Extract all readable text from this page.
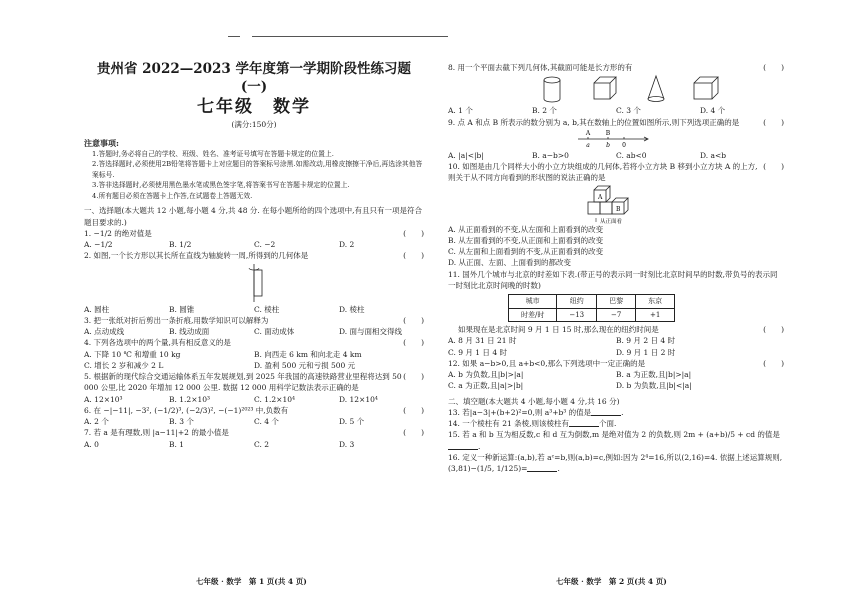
贵州省 2022—2023 学年度第一学期阶段性练习题(一)
七年级　数学
(满分:150分)
注意事项:
1.答题时,务必将自己的学校、班级、姓名、准考证号填写在答题卡规定的位置上.
2.答选择题时,必须使用2B铅笔将答题卡上对应题目的答案标号涂黑.如需改动,用橡皮擦擦干净后,再选涂其他答案标号.
3.答非选择题时,必须使用黑色墨水笔或黑色签字笔,将答案书写在答题卡规定的位置上.
4.所有题目必须在答题卡上作答,在试题卷上答题无效.
一、选择题(本大题共 12 小题,每小题 4 分,共 48 分. 在每小题所给的四个选项中,有且只有一项是符合题目要求的.)
1. −1/2 的绝对值是	(　　)
A. −1/2	B. 1/2	C. −2	D. 2
2. 如图,一个长方形以其长所在直线为轴旋转一周,所得到的几何体是	(　　)
A. 圆柱	B. 圆锥	C. 棱柱	D. 棱柱
3. 把一张纸对折后剪出一条折痕,用数学知识可以解释为	(　　)
A. 点动成线	B. 线动成面	C. 面动成体	D. 面与面相交得线
4. 下列各选项中的两个量,具有相反意义的是	(　　)
A. 下降 10 ℃ 和增重 10 kg	B. 向西走 6 km 和向北走 4 km
C. 增长 2 岁和减少 2 L	D. 盈利 500 元和亏损 500 元
5. 根据新的现代综合交通运输体系五年发展规划,到 2025 年我国的高速铁路营业里程将达到 50 000 公里,比 2020 年增加 12 000 公里. 数据 12 000 用科学记数法表示正确的是
(　　)
A. 12×10³	B. 1.2×10³	C. 1.2×10⁴	D. 12×10⁴
6. 在 −|−11|, −3², (−1/2)³, (−2/3)², −(−1)²⁰²³ 中,负数有	(　　)
A. 2 个	B. 3 个	C. 4 个	D. 5 个
7. 若 a 是有理数,则 |a−11|+2 的最小值是	(　　)
A. 0	B. 1	C. 2	D. 3
七年级 · 数学　第 1 页(共 4 页)
8. 用一个平面去截下列几何体,其截面可能是长方形的有	(　　)
A. 1 个	B. 2 个	C. 3 个	D. 4 个
9. 点 A 和点 B 所表示的数分别为 a, b,其在数轴上的位置如图所示,则下列选项正确的是	(　　)
A	B
a	b 0
A. |a|<|b|	B. a−b>0	C. ab<0	D. a<b
10. 如图是由几个同样大小的小立方块组成的几何体,若将小立方块 B 移到小立方块 A 的上方,则关于从不同方向看到的形状图的说法正确的是
(　　)
A
B
从正面看
A. 从正面看到的不变,从左面和上面看到的改变
B. 从左面看到的不变,从正面和上面看到的改变
C. 从左面和上面看到的不变,从正面看到的改变
D. 从正面、左面、上面看到的都改变
11. 国外几个城市与北京的时差如下表.(带正号的表示同一时刻比北京时间早的时数,带负号的表示同一时刻比北京时间晚的时数)
城市	纽约	巴黎	东京
时差/时	−13	−7	+1
如果现在是北京时间 9 月 1 日 15 时,那么现在的纽约时间是	(　　)
A. 8 月 31 日 21 时	B. 9 月 2 日 4 时
C. 9 月 1 日 4 时	D. 9 月 1 日 2 时
12. 如果 a−b>0,且 a+b<0,那么下列选项中一定正确的是	(　　)
A. b 为负数,且|b|>|a|	B. a 为正数,且|b|>|a|
C. a 为正数,且|a|>|b|	D. b 为负数,且|b|<|a|
二、填空题(本大题共 4 小题,每小题 4 分,共 16 分)
13. 若|a−3|+(b+2)²=0,则 a³+b³ 的值是	.
14. 一个棱柱有 21 条棱,则该棱柱有	个面.
15. 若 a 和 b 互为相反数,c 和 d 互为倒数,m 是绝对值为 2 的负数,则 2m + (a+b)/5 + cd 的值是.
16. 定义一种新运算:(a,b),若 aᶜ=b,则(a,b)=c,例如:因为 2⁴=16,所以(2,16)=4. 依据上述运算规则,(3,81)−(1/5, 1/125)=	.
七年级 · 数学　第 2 页(共 4 页)
